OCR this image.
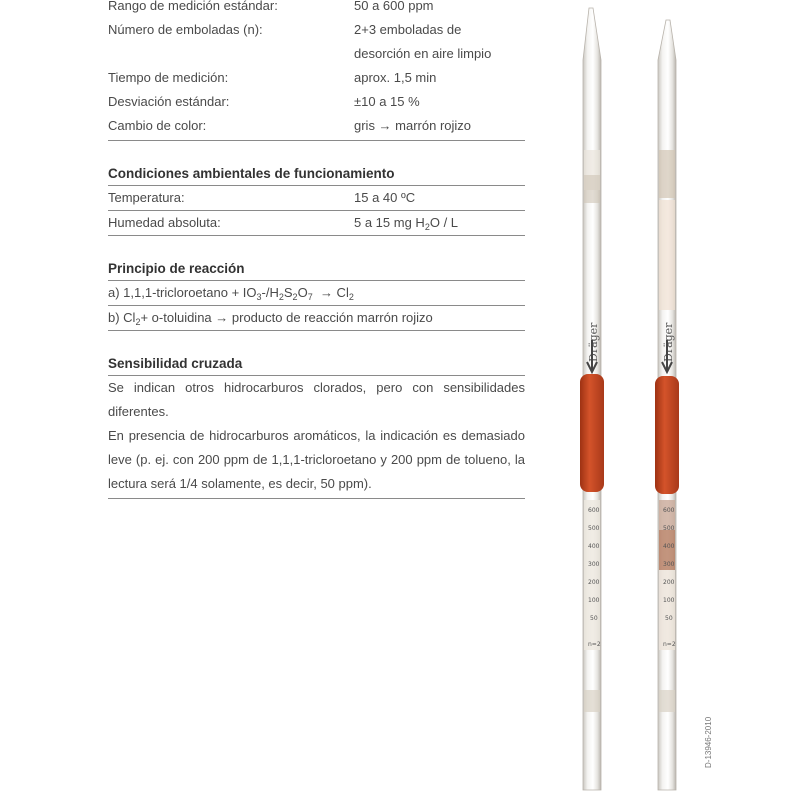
Rango de medición estándar:	50 a 600 ppm
Número de emboladas (n):	2+3 emboladas de
desorción en aire limpio
Tiempo de medición:	aprox. 1,5 min
Desviación estándar:	±10 a 15 %
Cambio de color:	gris → marrón rojizo
Condiciones ambientales de funcionamiento
Temperatura:	15 a 40 ºC
Humedad absoluta:	5 a 15 mg $H_2O$ / L
Principio de reacción
a) 1,1,1-tricloroetano + $IO_3-/H_2S_2O_7 \to Cl_2$
b) $Cl_2+$ o-toluidina → producto de reacción marrón rojizo
Sensibilidad cruzada
Se indican otros hidrocarburos clorados, pero con sensibilidades diferentes.
En presencia de hidrocarburos aromáticos, la indicación es demasiado leve (p. ej. con 200 ppm de 1,1,1-tricloroetano y 200 ppm de tolueno, la lectura será 1/4 solamente, es decir, 50 ppm).
Dräger
600
500
400
300
200
100
50
n=2
Dräger
600
500
400
300
200
100
50
n=2
D-13946-2010
